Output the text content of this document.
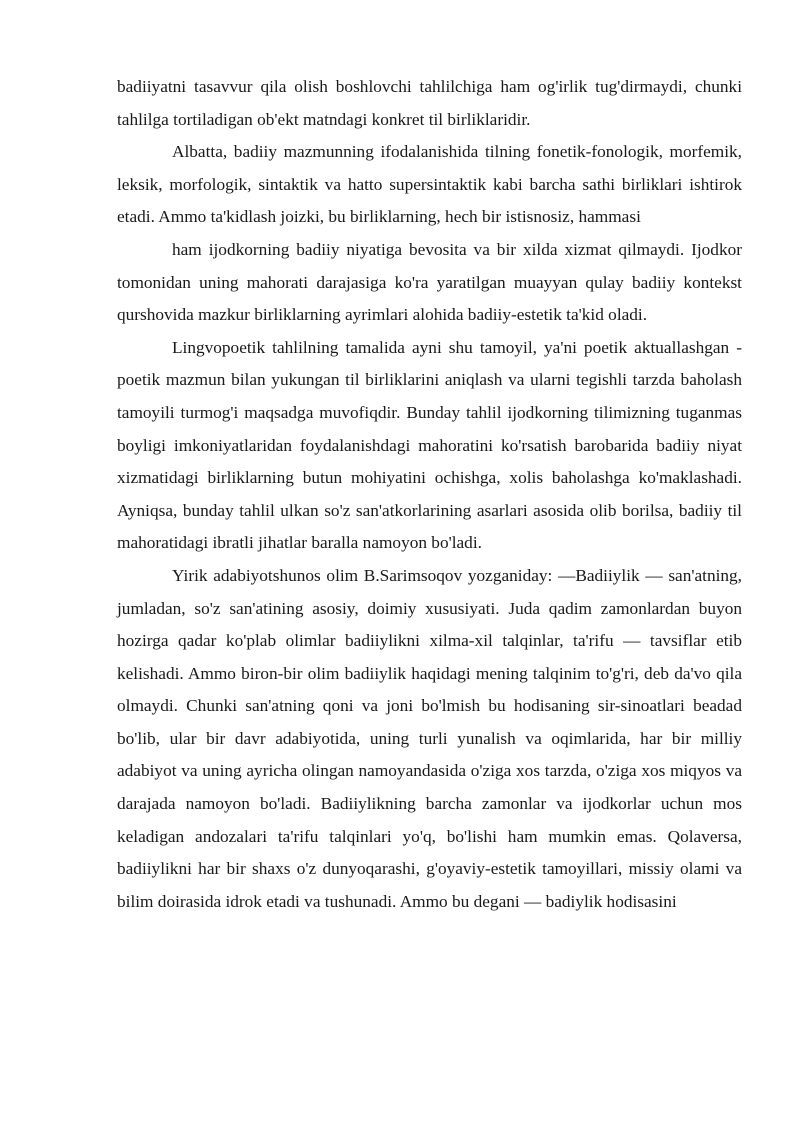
badiiyatni tasavvur qila olish boshlovchi tahlilchiga ham og'irlik tug'dirmaydi, chunki tahlilga tortiladigan ob'ekt matndagi konkret til birliklaridir.

Albatta, badiiy mazmunning ifodalanishida tilning fonetik-fonologik, morfemik, leksik, morfologik, sintaktik va hatto supersintaktik kabi barcha sathi birliklari ishtirok etadi. Ammo ta'kidlash joizki, bu birliklarning, hech bir istisnosiz, hammasi

ham ijodkorning badiiy niyatiga bevosita va bir xilda xizmat qilmaydi. Ijodkor tomonidan uning mahorati darajasiga ko'ra yaratilgan muayyan qulay badiiy kontekst qurshovida mazkur birliklarning ayrimlari alohida badiiy-estetik ta'kid oladi.

Lingvopoetik tahlilning tamalida ayni shu tamoyil, ya'ni poetik aktuallashgan -poetik mazmun bilan yukungan til birliklarini aniqlash va ularni tegishli tarzda baholash tamoyili turmog'i maqsadga muvofiqdir. Bunday tahlil ijodkorning tilimizning tuganmas boyligi imkoniyatlaridan foydalanishdagi mahoratini ko'rsatish barobarida badiiy niyat xizmatidagi birliklarning butun mohiyatini ochishga, xolis baholashga ko'maklashadi. Ayniqsa, bunday tahlil ulkan so'z san'atkorlarining asarlari asosida olib borilsa, badiiy til mahoratidagi ibratli jihatlar baralla namoyon bo'ladi.

Yirik adabiyotshunos olim B.Sarimsoqov yozganiday: —Badiiylik — san'atning, jumladan, so'z san'atining asosiy, doimiy xususiyati. Juda qadim zamonlardan buyon hozirga qadar ko'plab olimlar badiiylikni xilma-xil talqinlar, ta'rifu — tavsiflar etib kelishadi. Ammo biron-bir olim badiiylik haqidagi mening talqinim to'g'ri, deb da'vo qila olmaydi. Chunki san'atning qoni va joni bo'lmish bu hodisaning sir-sinoatlari beadad bo'lib, ular bir davr adabiyotida, uning turli yunalish va oqimlarida, har bir milliy adabiyot va uning ayricha olingan namoyandasida o'ziga xos tarzda, o'ziga xos miqyos va darajada namoyon bo'ladi. Badiiylikning barcha zamonlar va ijodkorlar uchun mos keladigan andozalari ta'rifu talqinlari yo'q, bo'lishi ham mumkin emas. Qolaversa, badiiylikni har bir shaxs o'z dunyoqarashi, g'oyaviy-estetik tamoyillari, missiy olami va bilim doirasida idrok etadi va tushunadi. Ammo bu degani — badiylik hodisasini
